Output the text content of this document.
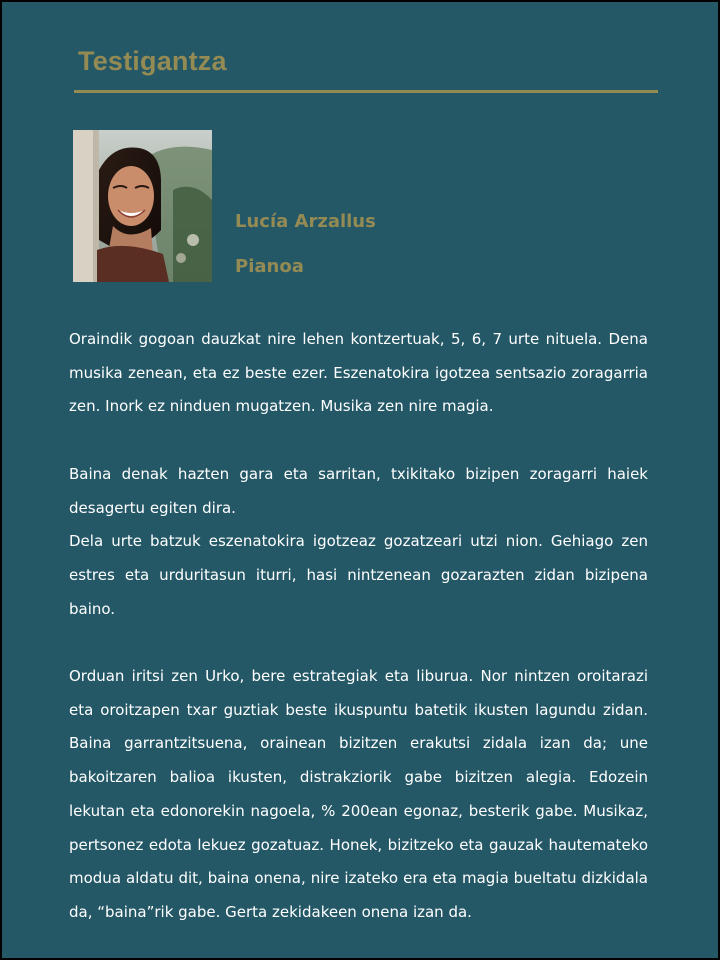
Testigantza
Lucía Arzallus
Pianoa

Oraindik gogoan dauzkat nire lehen kontzertuak, 5, 6, 7 urte nituela. Dena musika zenean, eta ez beste ezer. Eszenatokira igotzea sentsazio zoragarria zen. Inork ez ninduen mugatzen. Musika zen nire magia.

Baina denak hazten gara eta sarritan, txikitako bizipen zoragarri haiek desagertu egiten dira.

Dela urte batzuk eszenatokira igotzeaz gozatzeari utzi nion. Gehiago zen estres eta urduritasun iturri, hasi nintzenean gozarazten zidan bizipena baino.

Orduan iritsi zen Urko, bere estrategiak eta liburua. Nor nintzen oroitarazi eta oroitzapen txar guztiak beste ikuspuntu batetik ikusten lagundu zidan. Baina garrantzitsuena, orainean bizitzen erakutsi zidala izan da; une bakoitzaren balioa ikusten, distrakziorik gabe bizitzen alegia. Edozein lekutan eta edonorekin nagoela, % 200ean egonaz, besterik gabe. Musikaz, pertsonez edota lekuez gozatuaz. Honek, bizitzeko eta gauzak hautemateko modua aldatu dit, baina onena, nire izateko era eta magia bueltatu dizkidala da, “baina”rik gabe. Gerta zekidakeen onena izan da.
